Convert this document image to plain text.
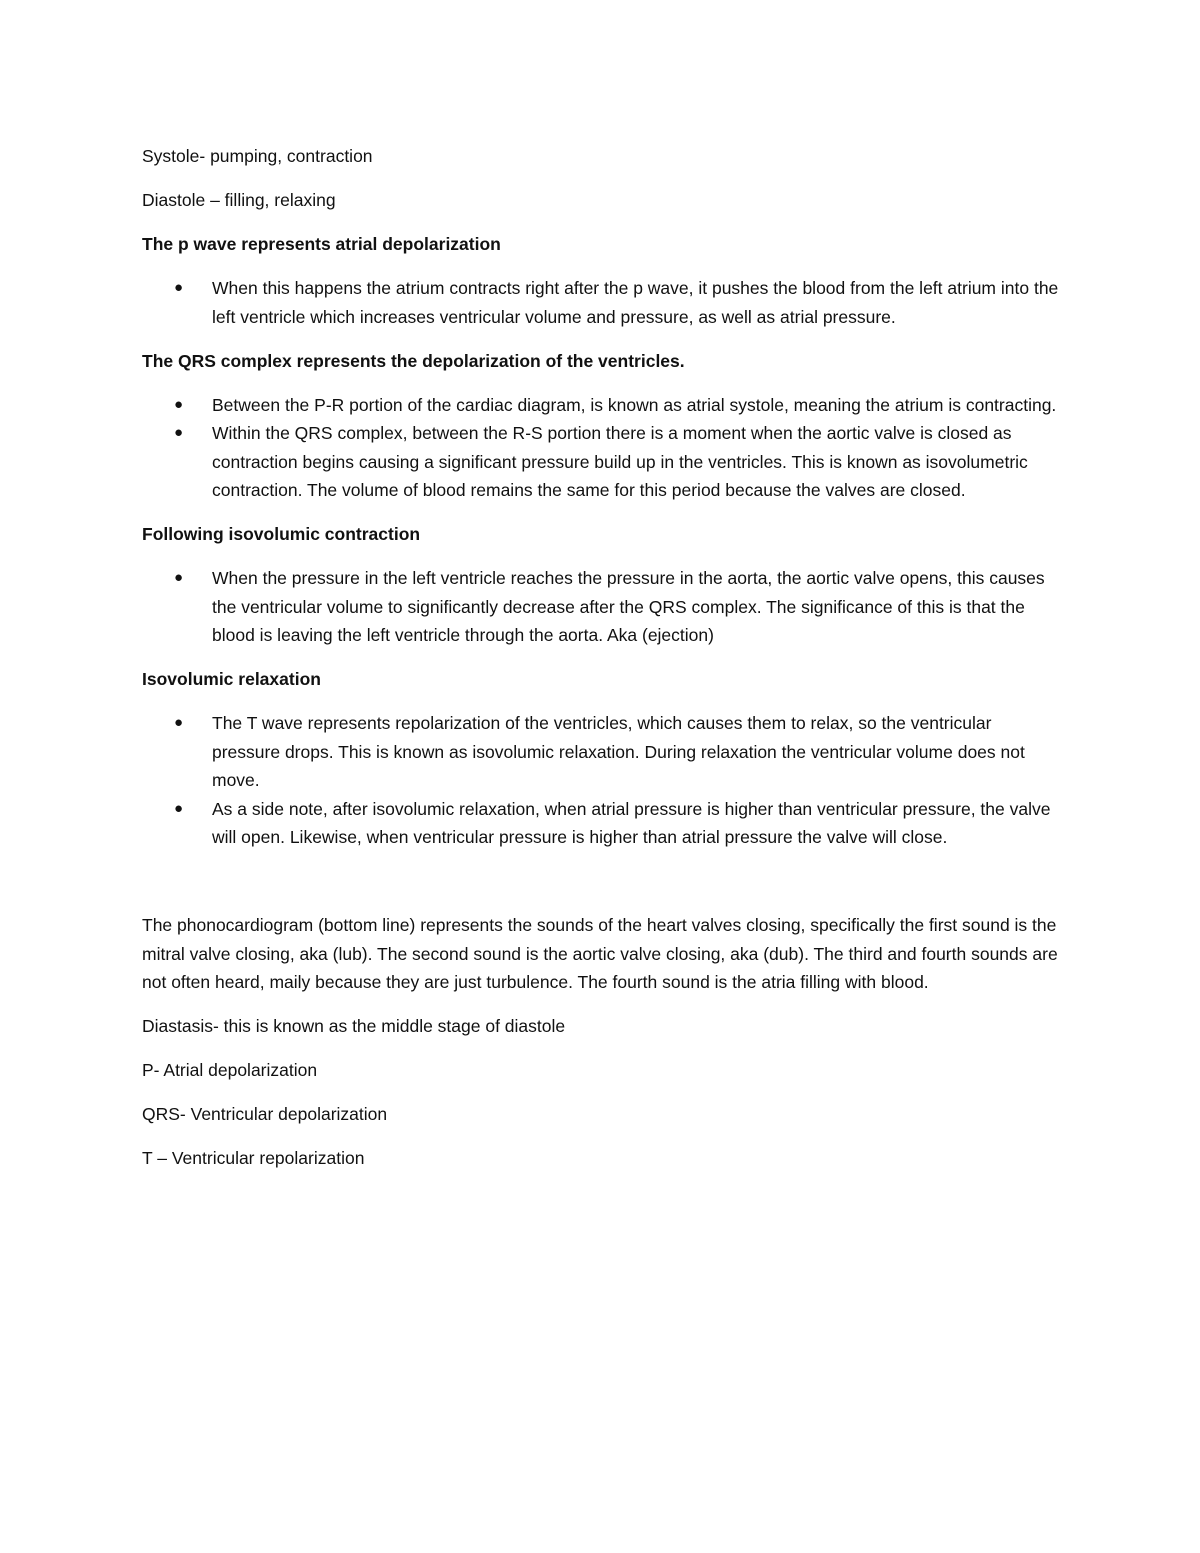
Systole- pumping, contraction

Diastole – filling, relaxing

The p wave represents atrial depolarization

● When this happens the atrium contracts right after the p wave, it pushes the blood from the left atrium into the left ventricle which increases ventricular volume and pressure, as well as atrial pressure.

The QRS complex represents the depolarization of the ventricles.

● Between the P-R portion of the cardiac diagram, is known as atrial systole, meaning the atrium is contracting.
● Within the QRS complex, between the R-S portion there is a moment when the aortic valve is closed as contraction begins causing a significant pressure build up in the ventricles. This is known as isovolumetric contraction. The volume of blood remains the same for this period because the valves are closed.

Following isovolumic contraction

● When the pressure in the left ventricle reaches the pressure in the aorta, the aortic valve opens, this causes the ventricular volume to significantly decrease after the QRS complex. The significance of this is that the blood is leaving the left ventricle through the aorta. Aka (ejection)

Isovolumic relaxation

● The T wave represents repolarization of the ventricles, which causes them to relax, so the ventricular pressure drops. This is known as isovolumic relaxation. During relaxation the ventricular volume does not move.
● As a side note, after isovolumic relaxation, when atrial pressure is higher than ventricular pressure, the valve will open. Likewise, when ventricular pressure is higher than atrial pressure the valve will close.

The phonocardiogram (bottom line) represents the sounds of the heart valves closing, specifically the first sound is the mitral valve closing, aka (lub). The second sound is the aortic valve closing, aka (dub). The third and fourth sounds are not often heard, maily because they are just turbulence. The fourth sound is the atria filling with blood.

Diastasis- this is known as the middle stage of diastole

P- Atrial depolarization

QRS- Ventricular depolarization

T – Ventricular repolarization
